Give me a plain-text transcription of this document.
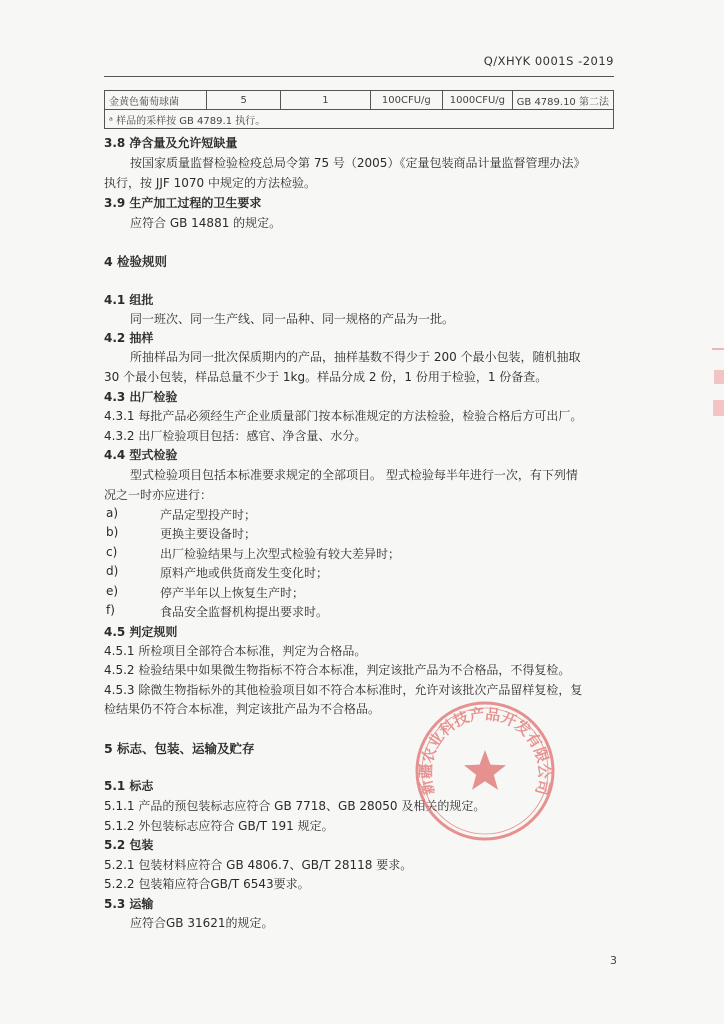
Q/XHYK 0001S -2019
金黄色葡萄球菌	5	1	100CFU/g	1000CFU/g	GB 4789.10 第二法
ᵃ 样品的采样按 GB 4789.1 执行。
3.8 净含量及允许短缺量
按国家质量监督检验检疫总局令第 75 号（2005）《定量包装商品计量监督管理办法》
执行，按 JJF 1070 中规定的方法检验。
3.9 生产加工过程的卫生要求
应符合 GB 14881 的规定。
4 检验规则
4.1 组批
同一班次、同一生产线、同一品种、同一规格的产品为一批。
4.2 抽样
所抽样品为同一批次保质期内的产品，抽样基数不得少于 200 个最小包装，随机抽取
30 个最小包装，样品总量不少于 1kg。样品分成 2 份，1 份用于检验，1 份备查。
4.3 出厂检验
4.3.1 每批产品必须经生产企业质量部门按本标准规定的方法检验，检验合格后方可出厂。
4.3.2 出厂检验项目包括：感官、净含量、水分。
4.4 型式检验
型式检验项目包括本标准要求规定的全部项目。 型式检验每半年进行一次，有下列情
况之一时亦应进行：
a)	产品定型投产时；
b)	更换主要设备时；
c)	出厂检验结果与上次型式检验有较大差异时；
d)	原料产地或供货商发生变化时；
e)	停产半年以上恢复生产时；
f)	食品安全监督机构提出要求时。
4.5 判定规则
4.5.1 所检项目全部符合本标准，判定为合格品。
4.5.2 检验结果中如果微生物指标不符合本标准，判定该批产品为不合格品，不得复检。
4.5.3 除微生物指标外的其他检验项目如不符合本标准时，允许对该批次产品留样复检，复
检结果仍不符合本标准，判定该批产品为不合格品。
5 标志、包装、运输及贮存
5.1 标志
5.1.1 产品的预包装标志应符合 GB 7718、GB 28050 及相关的规定。
5.1.2 外包装标志应符合 GB/T 191 规定。
5.2 包装
5.2.1 包装材料应符合 GB 4806.7、GB/T 28118 要求。
5.2.2 包装箱应符合GB/T 6543要求。
5.3 运输
应符合GB 31621的规定。
3
新疆农业科技产品开发有限公司
